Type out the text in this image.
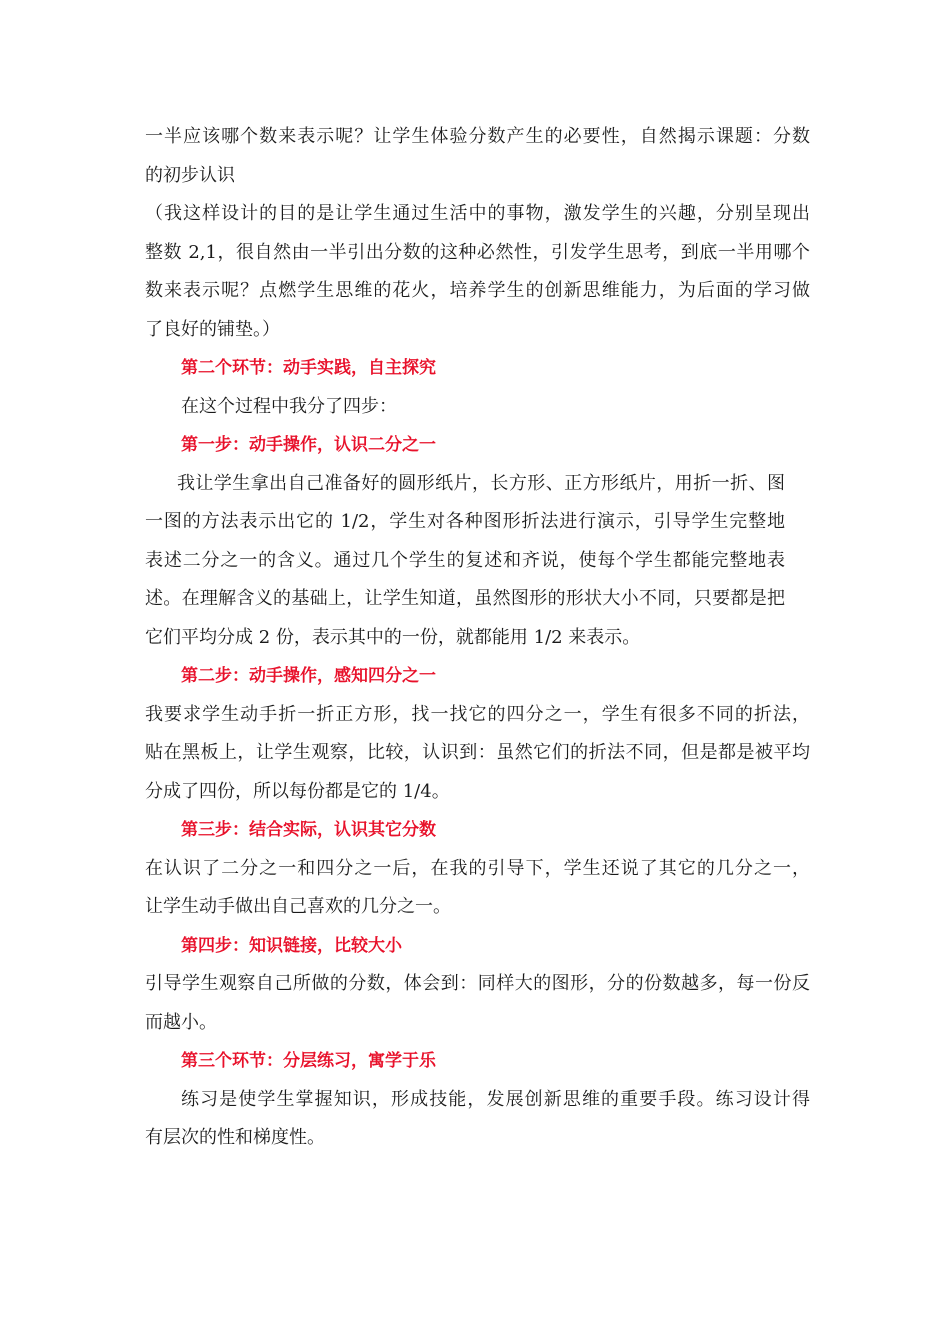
一半应该哪个数来表示呢？让学生体验分数产生的必要性，自然揭示课题：分数
的初步认识
（我这样设计的目的是让学生通过生活中的事物，激发学生的兴趣，分别呈现出
整数 2,1，很自然由一半引出分数的这种必然性，引发学生思考，到底一半用哪个
数来表示呢？点燃学生思维的花火，培养学生的创新思维能力，为后面的学习做
了良好的铺垫。）
第二个环节：动手实践，自主探究
在这个过程中我分了四步：
第一步：动手操作，认识二分之一
我让学生拿出自己准备好的圆形纸片，长方形、正方形纸片，用折一折、图
一图的方法表示出它的 1/2，学生对各种图形折法进行演示，引导学生完整地
表述二分之一的含义。通过几个学生的复述和齐说，使每个学生都能完整地表
述。在理解含义的基础上，让学生知道，虽然图形的形状大小不同，只要都是把
它们平均分成 2 份，表示其中的一份，就都能用 1/2 来表示。
第二步：动手操作，感知四分之一
我要求学生动手折一折正方形，找一找它的四分之一，学生有很多不同的折法，
贴在黑板上，让学生观察，比较，认识到：虽然它们的折法不同，但是都是被平均
分成了四份，所以每份都是它的 1/4。
第三步：结合实际，认识其它分数
在认识了二分之一和四分之一后，在我的引导下，学生还说了其它的几分之一，
让学生动手做出自己喜欢的几分之一。
第四步：知识链接，比较大小
引导学生观察自己所做的分数，体会到：同样大的图形，分的份数越多，每一份反
而越小。
第三个环节：分层练习，寓学于乐
练习是使学生掌握知识，形成技能，发展创新思维的重要手段。练习设计得
有层次的性和梯度性。
